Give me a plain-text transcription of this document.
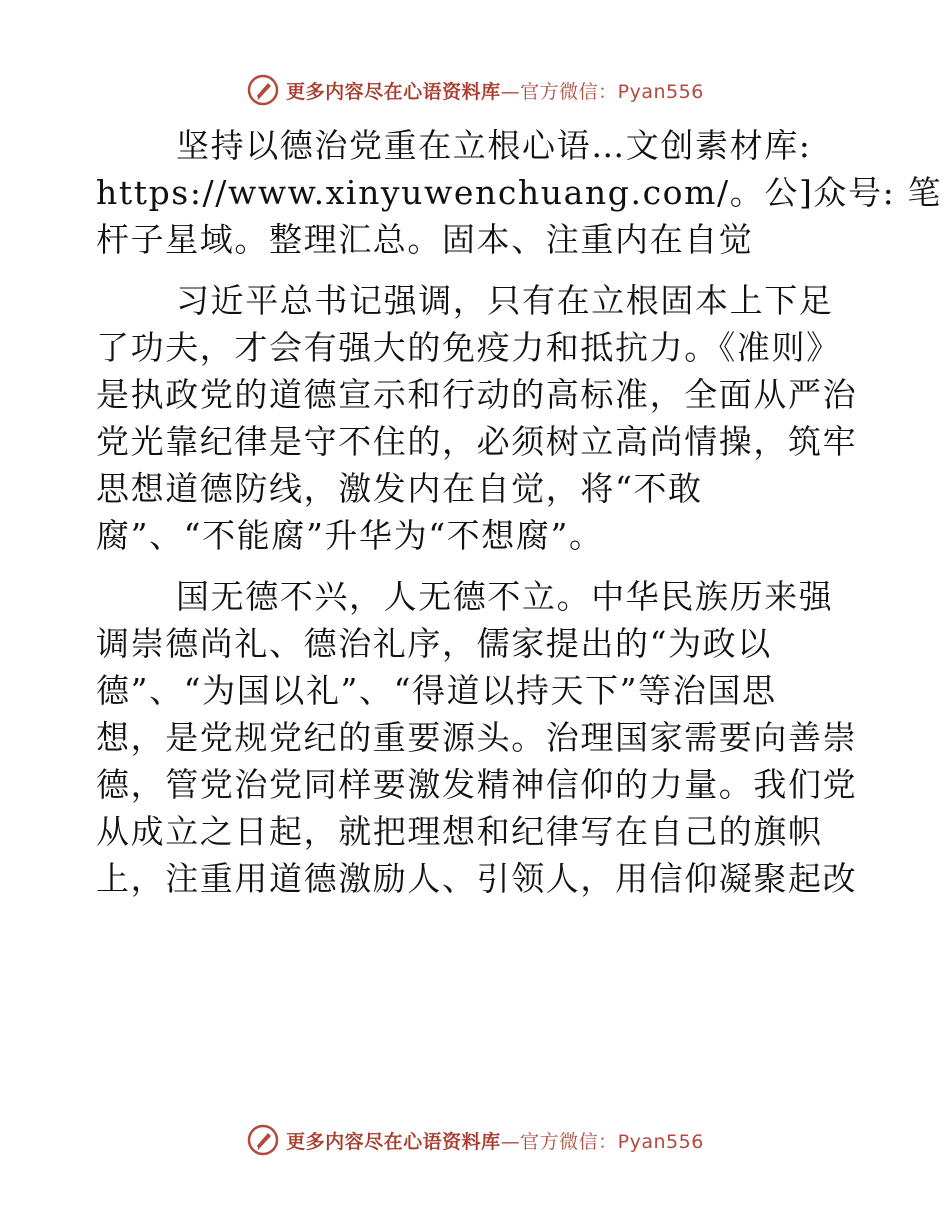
更多内容尽在心语资料库—官方微信：Pyan556
坚持以德治党重在立根心语…文创素材库:
https://www.xinyuwenchuang.com/。公]众号: 笔
杆子星域。整理汇总。固本、注重内在自觉
习近平总书记强调，只有在立根固本上下足
了功夫，才会有强大的免疫力和抵抗力。《准则》
是执政党的道德宣示和行动的高标准，全面从严治
党光靠纪律是守不住的，必须树立高尚情操，筑牢
思想道德防线，激发内在自觉，将“不敢
腐”、“不能腐”升华为“不想腐”。
国无德不兴，人无德不立。中华民族历来强
调崇德尚礼、德治礼序，儒家提出的“为政以
德”、“为国以礼”、“得道以持天下”等治国思
想，是党规党纪的重要源头。治理国家需要向善崇
德，管党治党同样要激发精神信仰的力量。我们党
从成立之日起，就把理想和纪律写在自己的旗帜
上，注重用道德激励人、引领人，用信仰凝聚起改
更多内容尽在心语资料库—官方微信：Pyan556
